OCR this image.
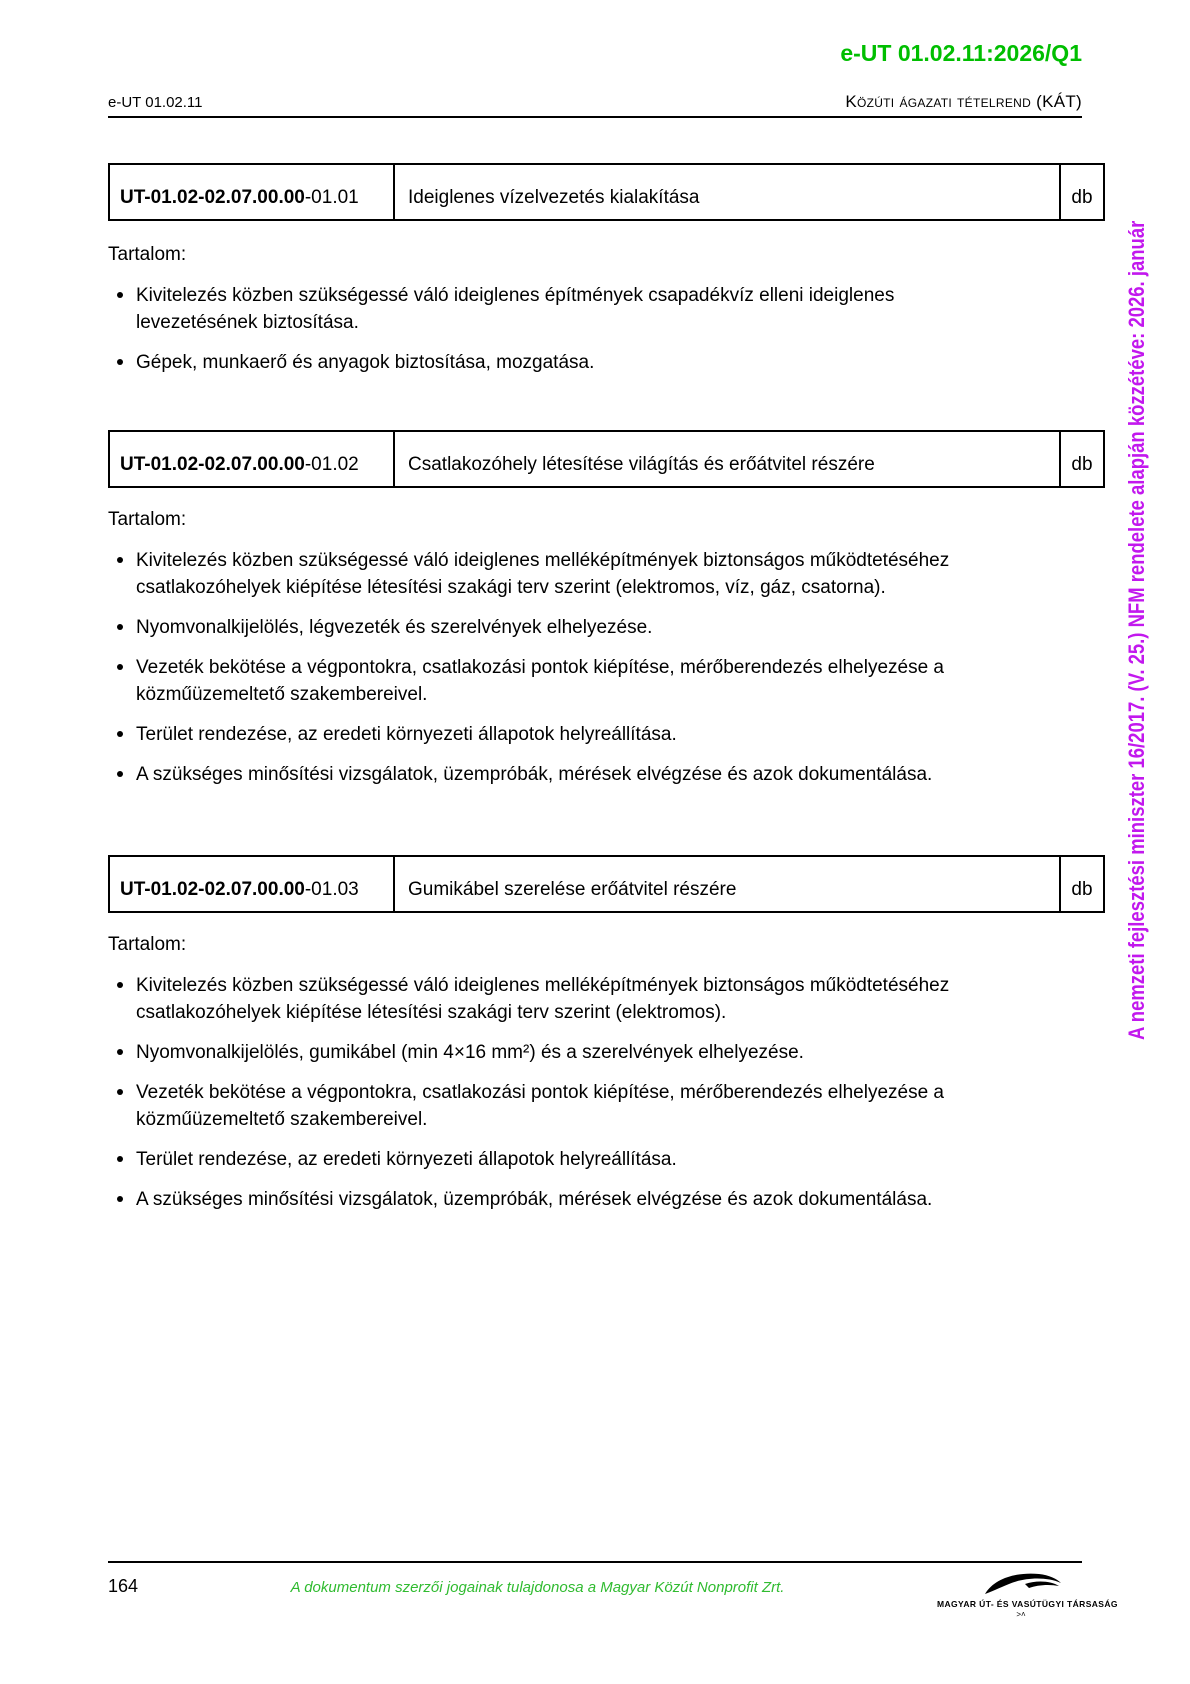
e-UT 01.02.11:2026/Q1
e-UT 01.02.11	Közúti ágazati tételrend (KÁT)
UT-01.02-02.07.00.00-01.01	Ideiglenes vízelvezetés kialakítása	db
Tartalom:
Kivitelezés közben szükségessé váló ideiglenes építmények csapadékvíz elleni ideiglenes levezetésének biztosítása.
Gépek, munkaerő és anyagok biztosítása, mozgatása.
UT-01.02-02.07.00.00-01.02	Csatlakozóhely létesítése világítás és erőátvitel részére	db
Tartalom:
Kivitelezés közben szükségessé váló ideiglenes melléképítmények biztonságos működtetéséhez csatlakozóhelyek kiépítése létesítési szakági terv szerint (elektromos, víz, gáz, csatorna).
Nyomvonalkijelölés, légvezeték és szerelvények elhelyezése.
Vezeték bekötése a végpontokra, csatlakozási pontok kiépítése, mérőberendezés elhelyezése a közműüzemeltető szakembereivel.
Terület rendezése, az eredeti környezeti állapotok helyreállítása.
A szükséges minősítési vizsgálatok, üzempróbák, mérések elvégzése és azok dokumentálása.
UT-01.02-02.07.00.00-01.03	Gumikábel szerelése erőátvitel részére	db
Tartalom:
Kivitelezés közben szükségessé váló ideiglenes melléképítmények biztonságos működtetéséhez csatlakozóhelyek kiépítése létesítési szakági terv szerint (elektromos).
Nyomvonalkijelölés, gumikábel (min 4×16 mm²) és a szerelvények elhelyezése.
Vezeték bekötése a végpontokra, csatlakozási pontok kiépítése, mérőberendezés elhelyezése a közműüzemeltető szakembereivel.
Terület rendezése, az eredeti környezeti állapotok helyreállítása.
A szükséges minősítési vizsgálatok, üzempróbák, mérések elvégzése és azok dokumentálása.
164	A dokumentum szerzői jogainak tulajdonosa a Magyar Közút Nonprofit Zrt.
MAGYAR ÚT- ÉS VASÚTÜGYI TÁRSASÁG
˃˄
A nemzeti fejlesztési miniszter 16/2017. (V. 25.) NFM rendelete alapján közzétéve: 2026. január
